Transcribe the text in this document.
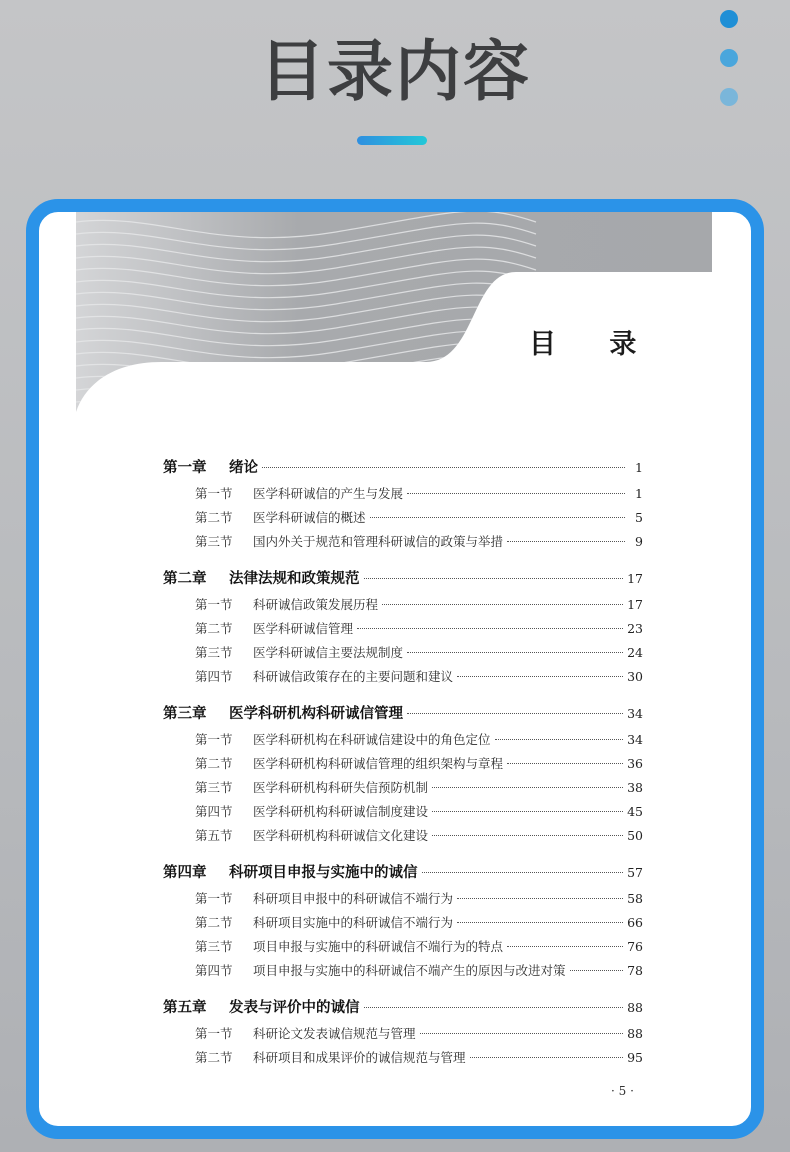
目录内容
目 录
第一章	绪论	1
第一节	医学科研诚信的产生与发展	1
第二节	医学科研诚信的概述	5
第三节	国内外关于规范和管理科研诚信的政策与举措	9
第二章	法律法规和政策规范	17
第一节	科研诚信政策发展历程	17
第二节	医学科研诚信管理	23
第三节	医学科研诚信主要法规制度	24
第四节	科研诚信政策存在的主要问题和建议	30
第三章	医学科研机构科研诚信管理	34
第一节	医学科研机构在科研诚信建设中的角色定位	34
第二节	医学科研机构科研诚信管理的组织架构与章程	36
第三节	医学科研机构科研失信预防机制	38
第四节	医学科研机构科研诚信制度建设	45
第五节	医学科研机构科研诚信文化建设	50
第四章	科研项目申报与实施中的诚信	57
第一节	科研项目申报中的科研诚信不端行为	58
第二节	科研项目实施中的科研诚信不端行为	66
第三节	项目申报与实施中的科研诚信不端行为的特点	76
第四节	项目申报与实施中的科研诚信不端产生的原因与改进对策	78
第五章	发表与评价中的诚信	88
第一节	科研论文发表诚信规范与管理	88
第二节	科研项目和成果评价的诚信规范与管理	95
· 5 ·
